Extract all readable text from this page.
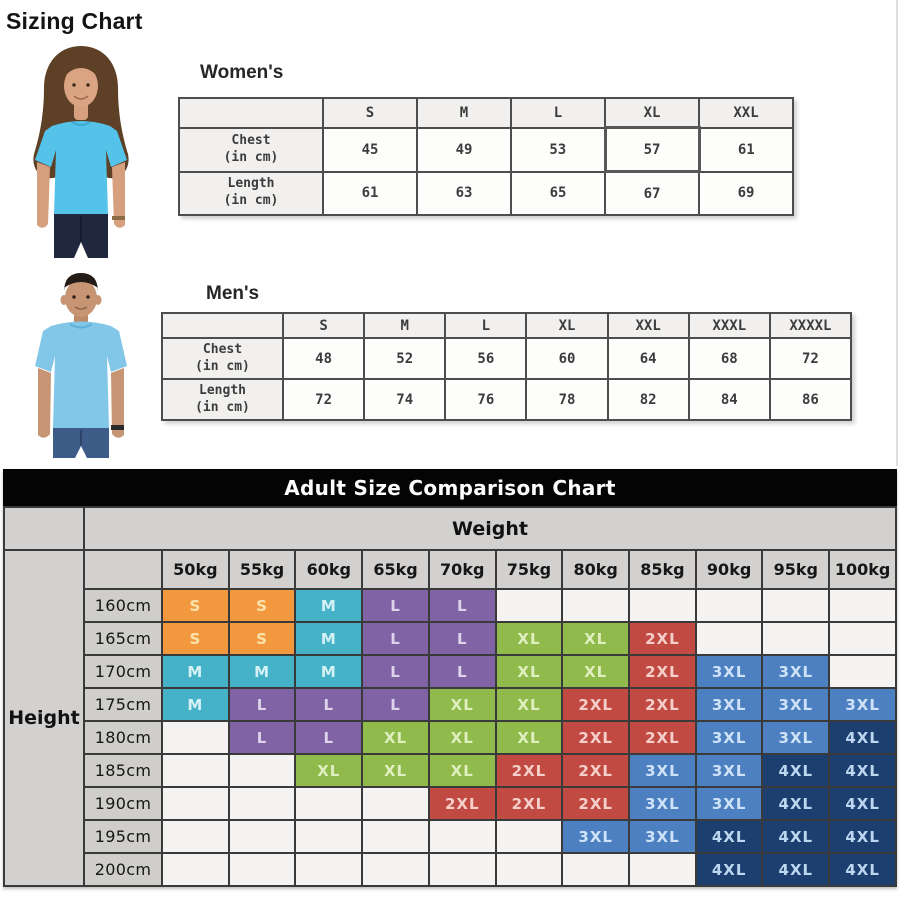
Sizing Chart
Women's
	S	M	L	XL	XXL

Chest
(in cm)	45	49	53	57	61

Length
(in cm)	61	63	65	67	69
Men's
	S	M	L	XL	XXL	XXXL	XXXXL

Chest
(in cm)	48	52	56	60	64	68	72

Length
(in cm)	72	74	76	78	82	84	86
Adult Size Comparison Chart
	Weight											
Height		50kg	55kg	60kg	65kg	70kg	75kg	80kg	85kg	90kg	95kg	100kg
	160cm	S	S	M	L	L						
	165cm	S	S	M	L	L	XL	XL	2XL			
	170cm	M	M	M	L	L	XL	XL	2XL	3XL	3XL	
	175cm	M	L	L	L	XL	XL	2XL	2XL	3XL	3XL	3XL
	180cm		L	L	XL	XL	XL	2XL	2XL	3XL	3XL	4XL
	185cm			XL	XL	XL	2XL	2XL	3XL	3XL	4XL	4XL
	190cm					2XL	2XL	2XL	3XL	3XL	4XL	4XL
	195cm							3XL	3XL	4XL	4XL	4XL
	200cm									4XL	4XL	4XL
